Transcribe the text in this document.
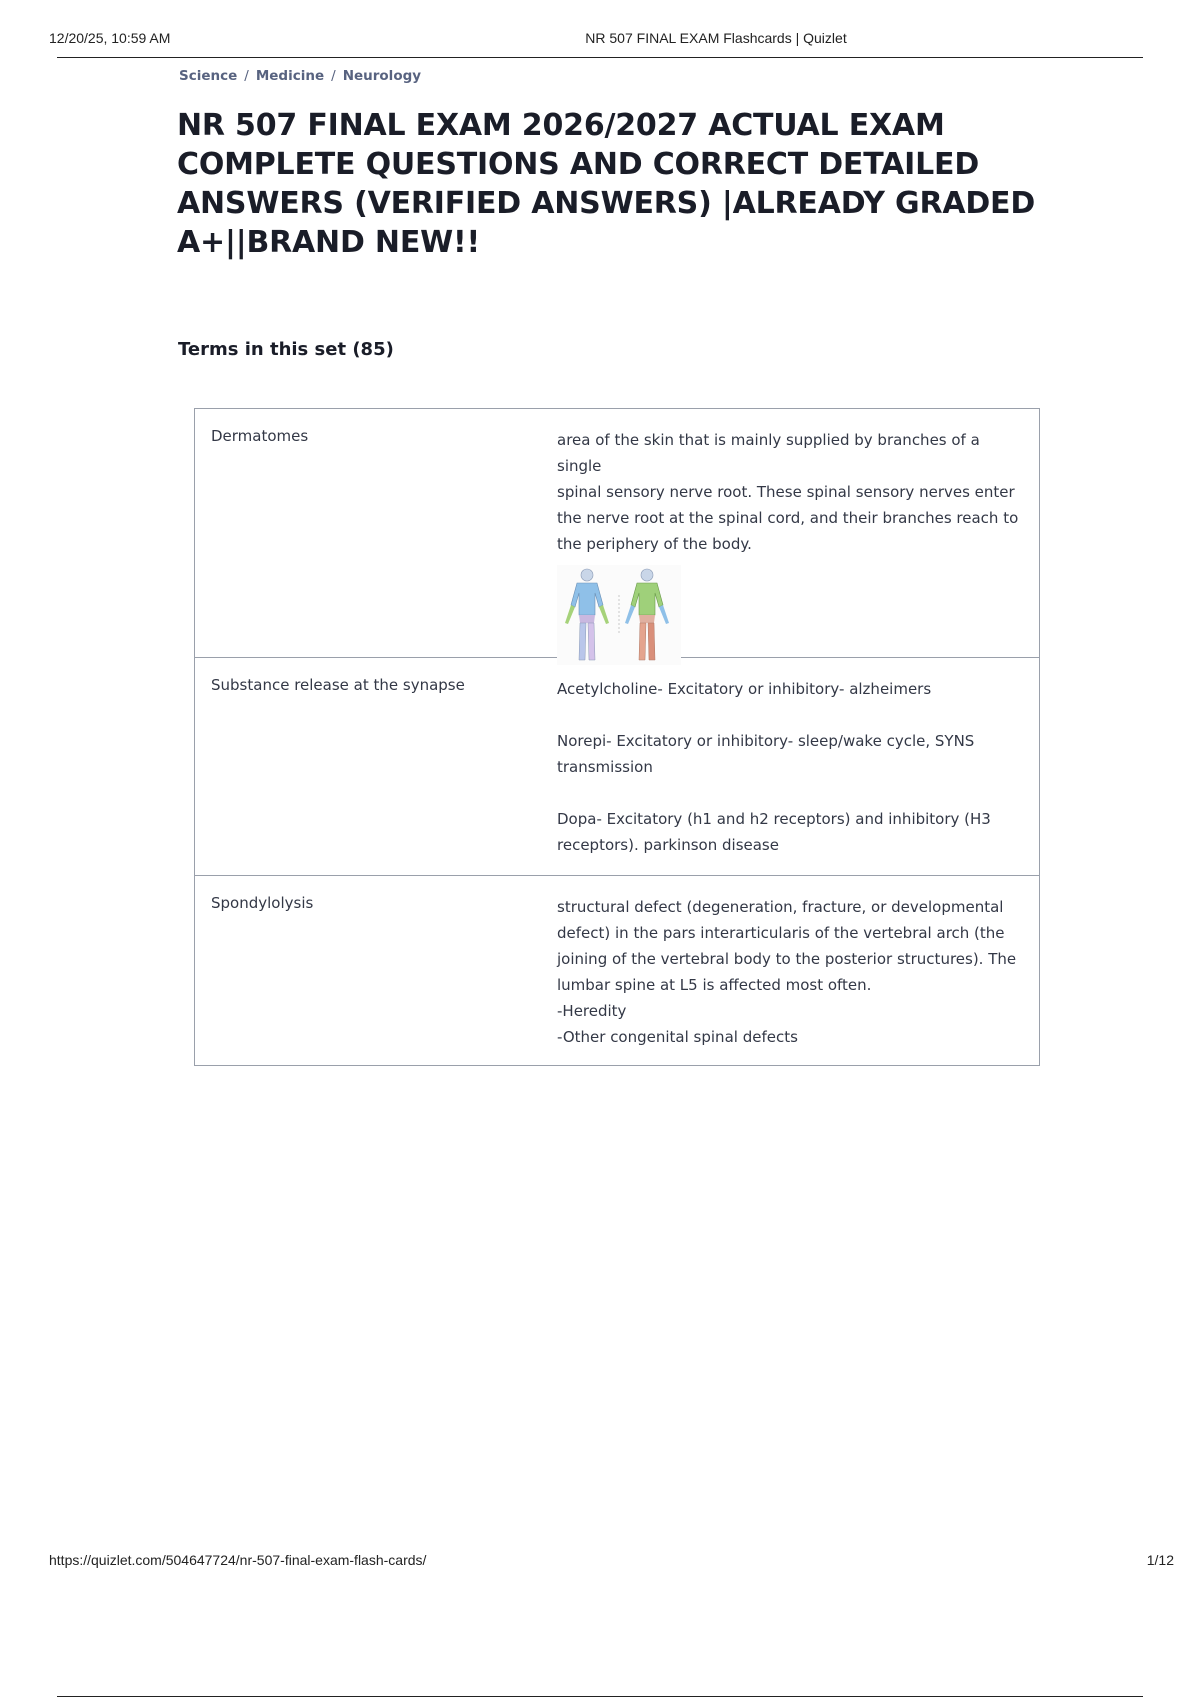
12/20/25, 10:59 AM	NR 507 FINAL EXAM Flashcards | Quizlet
Science / Medicine / Neurology
NR 507 FINAL EXAM 2026/2027 ACTUAL EXAM COMPLETE QUESTIONS AND CORRECT DETAILED ANSWERS (VERIFIED ANSWERS) |ALREADY GRADED A+||BRAND NEW!!
Terms in this set (85)
Dermatomes	area of the skin that is mainly supplied by branches of a single
spinal sensory nerve root. These spinal sensory nerves enter
the nerve root at the spinal cord, and their branches reach to
the periphery of the body.
Substance release at the synapse	Acetylcholine- Excitatory or inhibitory- alzheimers
Norepi- Excitatory or inhibitory- sleep/wake cycle, SYNS
transmission
Dopa- Excitatory (h1 and h2 receptors) and inhibitory (H3
receptors). parkinson disease
Spondylolysis	structural defect (degeneration, fracture, or developmental
defect) in the pars interarticularis of the vertebral arch (the
joining of the vertebral body to the posterior structures). The
lumbar spine at L5 is affected most often.
-Heredity
-Other congenital spinal defects
https://quizlet.com/504647724/nr-507-final-exam-flash-cards/	1/12
